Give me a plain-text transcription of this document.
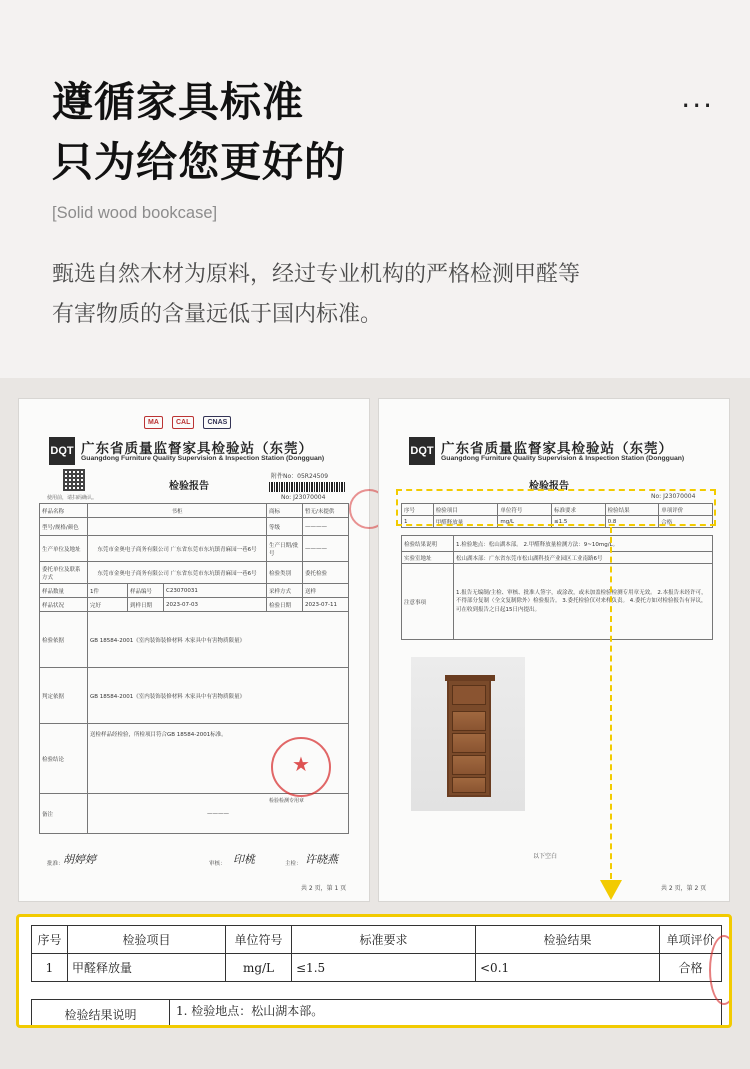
...
遵循家具标准
只为给您更好的
[Solid wood bookcase]
甄选自然木材为原料，经过专业机构的严格检测甲醛等
有害物质的含量远低于国内标准。
MA CAL CNAS
DQT 广东省质量监督家具检验站（东莞）
Guangdong Furniture Quality Supervision & Inspection Station (Dongguan)
附件No：05R24509
检验报告
使用前，请扫码确认。	No: J23070004
样品名称	书柜			商标	暂无/未提供
型号/规格/颜色				等级	————
生产单位及地址	东莞市金奥电子商务有限公司 广东省东莞市东坑镇青麻园一巷6号			生产日期/批号	————
委托单位及联系方式	东莞市金奥电子商务有限公司 广东省东莞市东坑镇青麻园一巷6号			检验类别	委托检验
样品数量	1件	样品编号	C23070031	采样方式	送样
样品状况	完好	到样日期	2023-07-03	检验日期	2023-07-11
检验依据	GB 18584-2001《室内装饰装修材料 木家具中有害物质限量》				
判定依据	GB 18584-2001《室内装饰装修材料 木家具中有害物质限量》				
检验结论	送检样品经检验，所检项目符合GB 18584-2001标准。				
备注	————				
★
检验检测专用章
批准： 胡婷婷	审核： 印桃	主检： 许晓燕
共 2 页，第 1 页
DQT 广东省质量监督家具检验站（东莞）
Guangdong Furniture Quality Supervision & Inspection Station (Dongguan)
检验报告
No: J23070004
序号	检验项目	单位符号	标准要求	检验结果	单项评价
1	甲醛释放量	mg/L	≤1.5	0.8	合格
检验结果说明	1.检验地点：松山湖本部。 2.甲醛释放量检测方法：9~10mg/L。
实验室地址	松山湖本部：广东省东莞市松山湖科技产业园区工业南路6号
注意事项	1.报告无编制/主检、审核、批准人签字，或涂改，或未加盖检验检测专用章无效。 2.本报告未经许可，不得部分复制（全文复制除外）检验报告。 3.委托检验仅对来样负责。 4.委托方如对检验报告有异议，可在收到报告之日起15日内提出。
以下空白
共 2 页，第 2 页
序号	检验项目	单位符号	标准要求	检验结果	单项评价
1	甲醛释放量	mg/L	≤1.5	<0.1	合格
检验结果说明	1. 检验地点：松山湖本部。
